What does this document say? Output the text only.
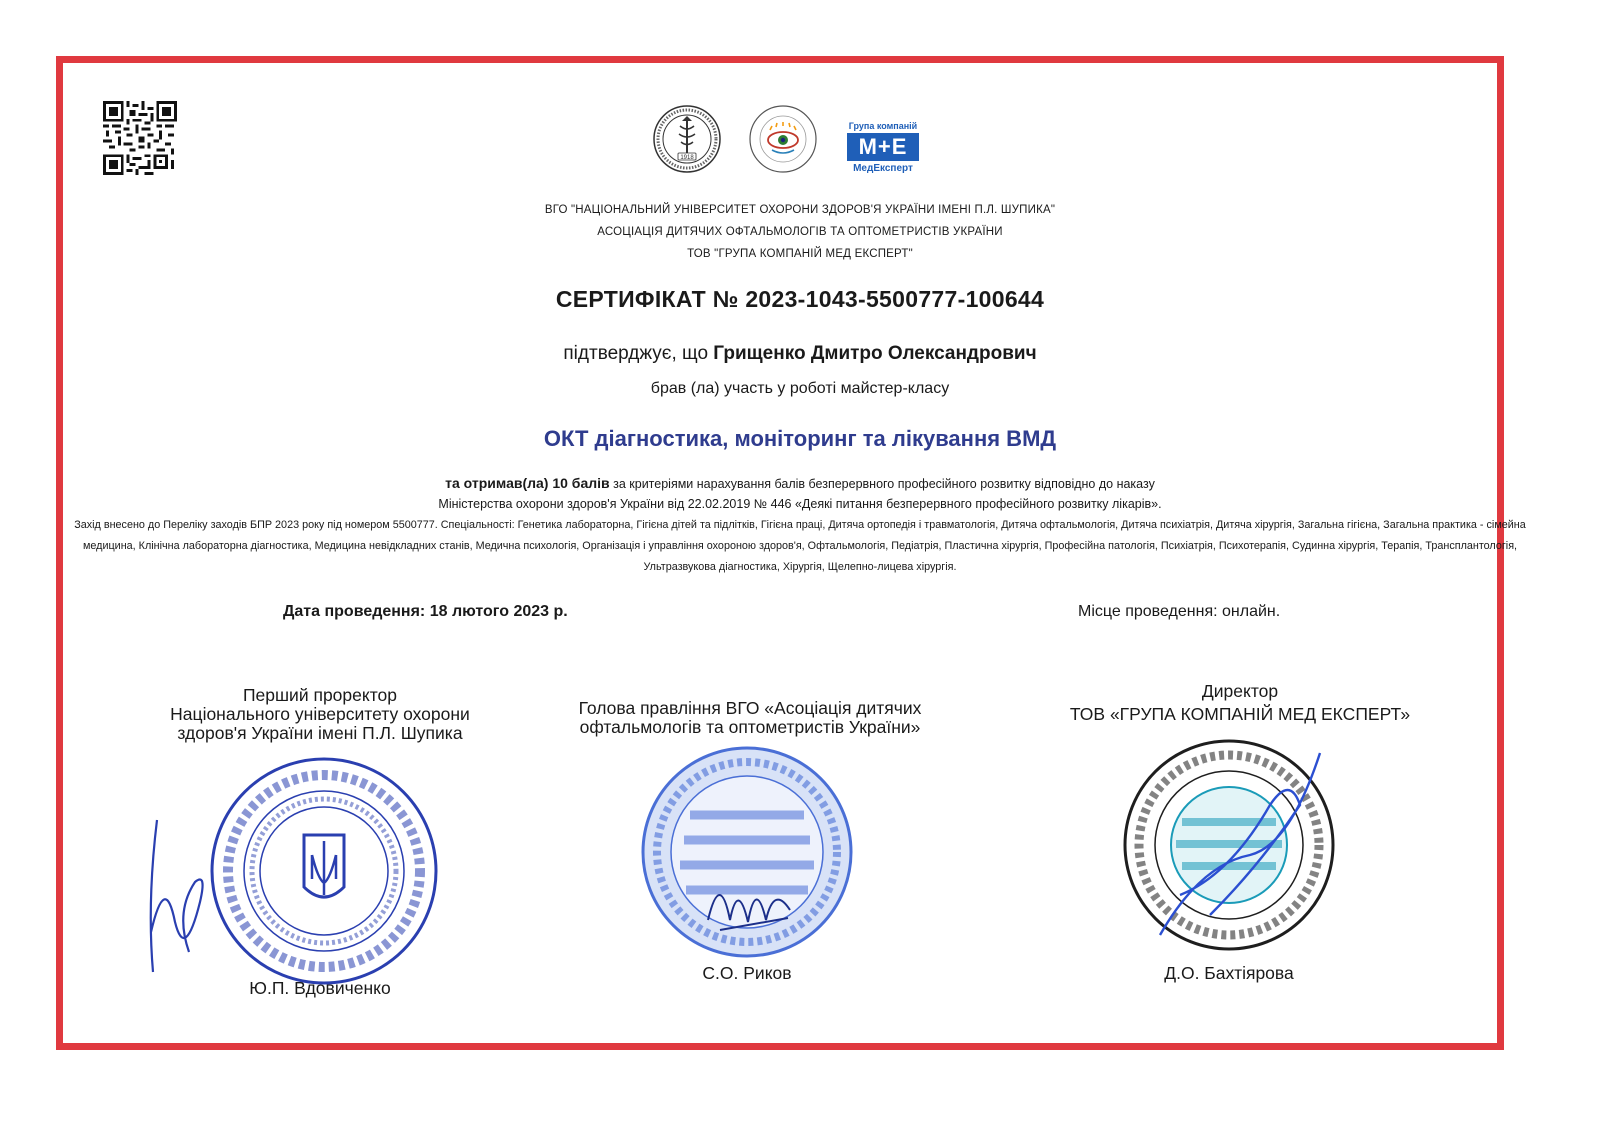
1918
Група компаній
М+Е
МедЕксперт
ВГО "НАЦІОНАЛЬНИЙ УНІВЕРСИТЕТ ОХОРОНИ ЗДОРОВ'Я УКРАЇНИ ІМЕНІ П.Л. ШУПИКА"
АСОЦІАЦІЯ ДИТЯЧИХ ОФТАЛЬМОЛОГІВ ТА ОПТОМЕТРИСТІВ УКРАЇНИ
ТОВ "ГРУПА КОМПАНІЙ МЕД ЕКСПЕРТ"
СЕРТИФІКАТ № 2023-1043-5500777-100644
підтверджує, що Грищенко Дмитро Олександрович
брав (ла) участь у роботі майстер-класу
ОКТ діагностика, моніторинг та лікування ВМД
та отримав(ла) 10 балів за критеріями нарахування балів безперервного професійного розвитку відповідно до наказу
Міністерства охорони здоров'я України від 22.02.2019 № 446 «Деякі питання безперервного професійного розвитку лікарів».
Захід внесено до Переліку заходів БПР 2023 року під номером 5500777. Спеціальності: Генетика лабораторна, Гігієна дітей та підлітків, Гігієна праці, Дитяча ортопедія і травматологія, Дитяча офтальмологія, Дитяча психіатрія, Дитяча хірургія, Загальна гігієна, Загальна практика - сімейна медицина, Клінічна лабораторна діагностика, Медицина невідкладних станів, Медична психологія, Організація і управління охороною здоров'я, Офтальмологія, Педіатрія, Пластична хірургія, Професійна патологія, Психіатрія, Психотерапія, Судинна хірургія, Терапія, Трансплантологія, Ультразвукова діагностика, Хірургія, Щелепно-лицева хірургія.
Дата проведення: 18 лютого 2023 р.	Місце проведення: онлайн.
Перший проректор
Національного університету охорони
здоров'я України імені П.Л. Шупика
Ю.П. Вдовиченко
Голова правління ВГО «Асоціація дитячих
офтальмологів та оптометристів України»
С.О. Риков
Директор
ТОВ «ГРУПА КОМПАНІЙ МЕД ЕКСПЕРТ»
Д.О. Бахтіярова
